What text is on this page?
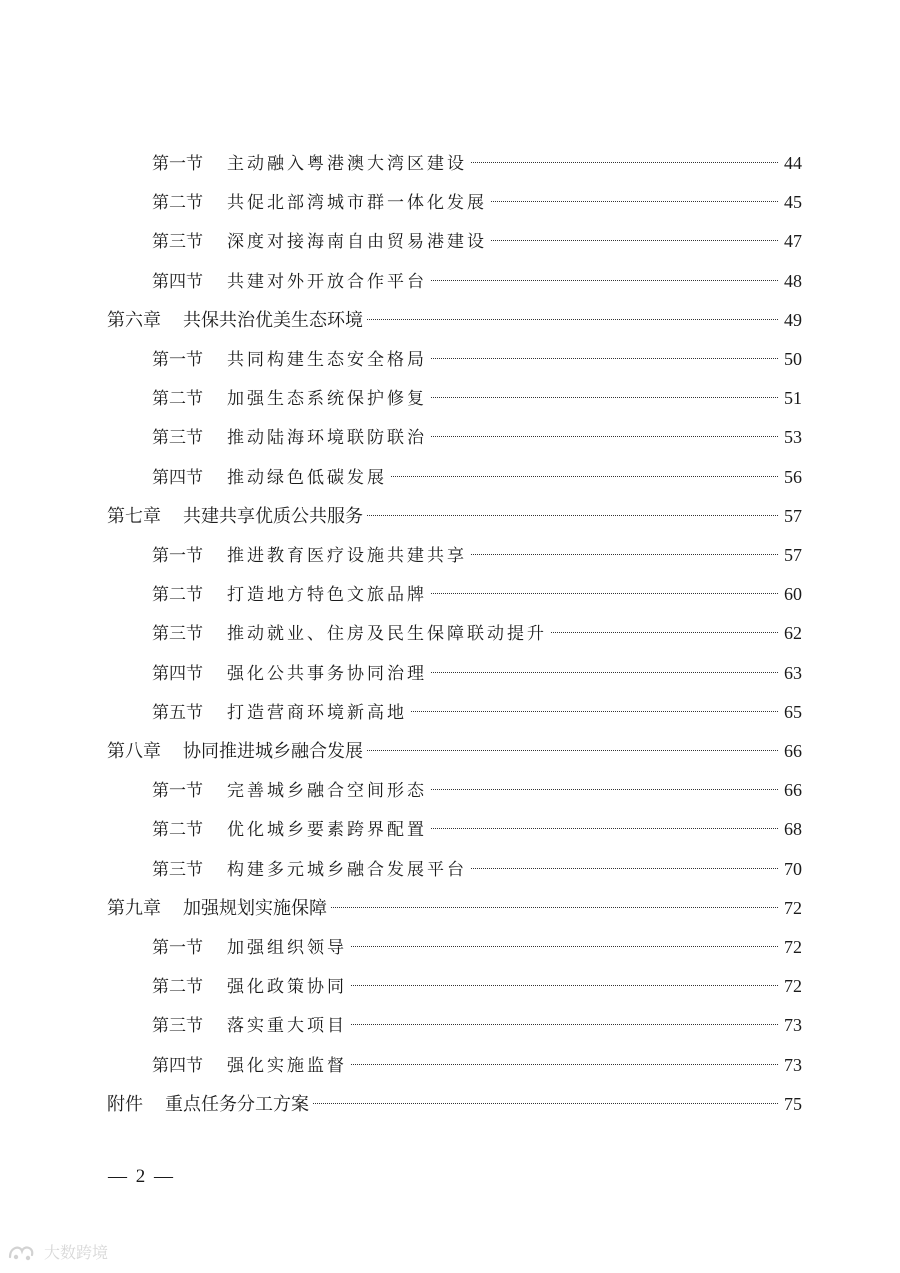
第一节 主动融入粤港澳大湾区建设	44
第二节 共促北部湾城市群一体化发展	45
第三节 深度对接海南自由贸易港建设	47
第四节 共建对外开放合作平台	48
第六章 共保共治优美生态环境	49
第一节 共同构建生态安全格局	50
第二节 加强生态系统保护修复	51
第三节 推动陆海环境联防联治	53
第四节 推动绿色低碳发展	56
第七章 共建共享优质公共服务	57
第一节 推进教育医疗设施共建共享	57
第二节 打造地方特色文旅品牌	60
第三节 推动就业、住房及民生保障联动提升	62
第四节 强化公共事务协同治理	63
第五节 打造营商环境新高地	65
第八章 协同推进城乡融合发展	66
第一节 完善城乡融合空间形态	66
第二节 优化城乡要素跨界配置	68
第三节 构建多元城乡融合发展平台	70
第九章 加强规划实施保障	72
第一节 加强组织领导	72
第二节 强化政策协同	72
第三节 落实重大项目	73
第四节 强化实施监督	73
附件 重点任务分工方案	75
— 2 —
大数跨境
